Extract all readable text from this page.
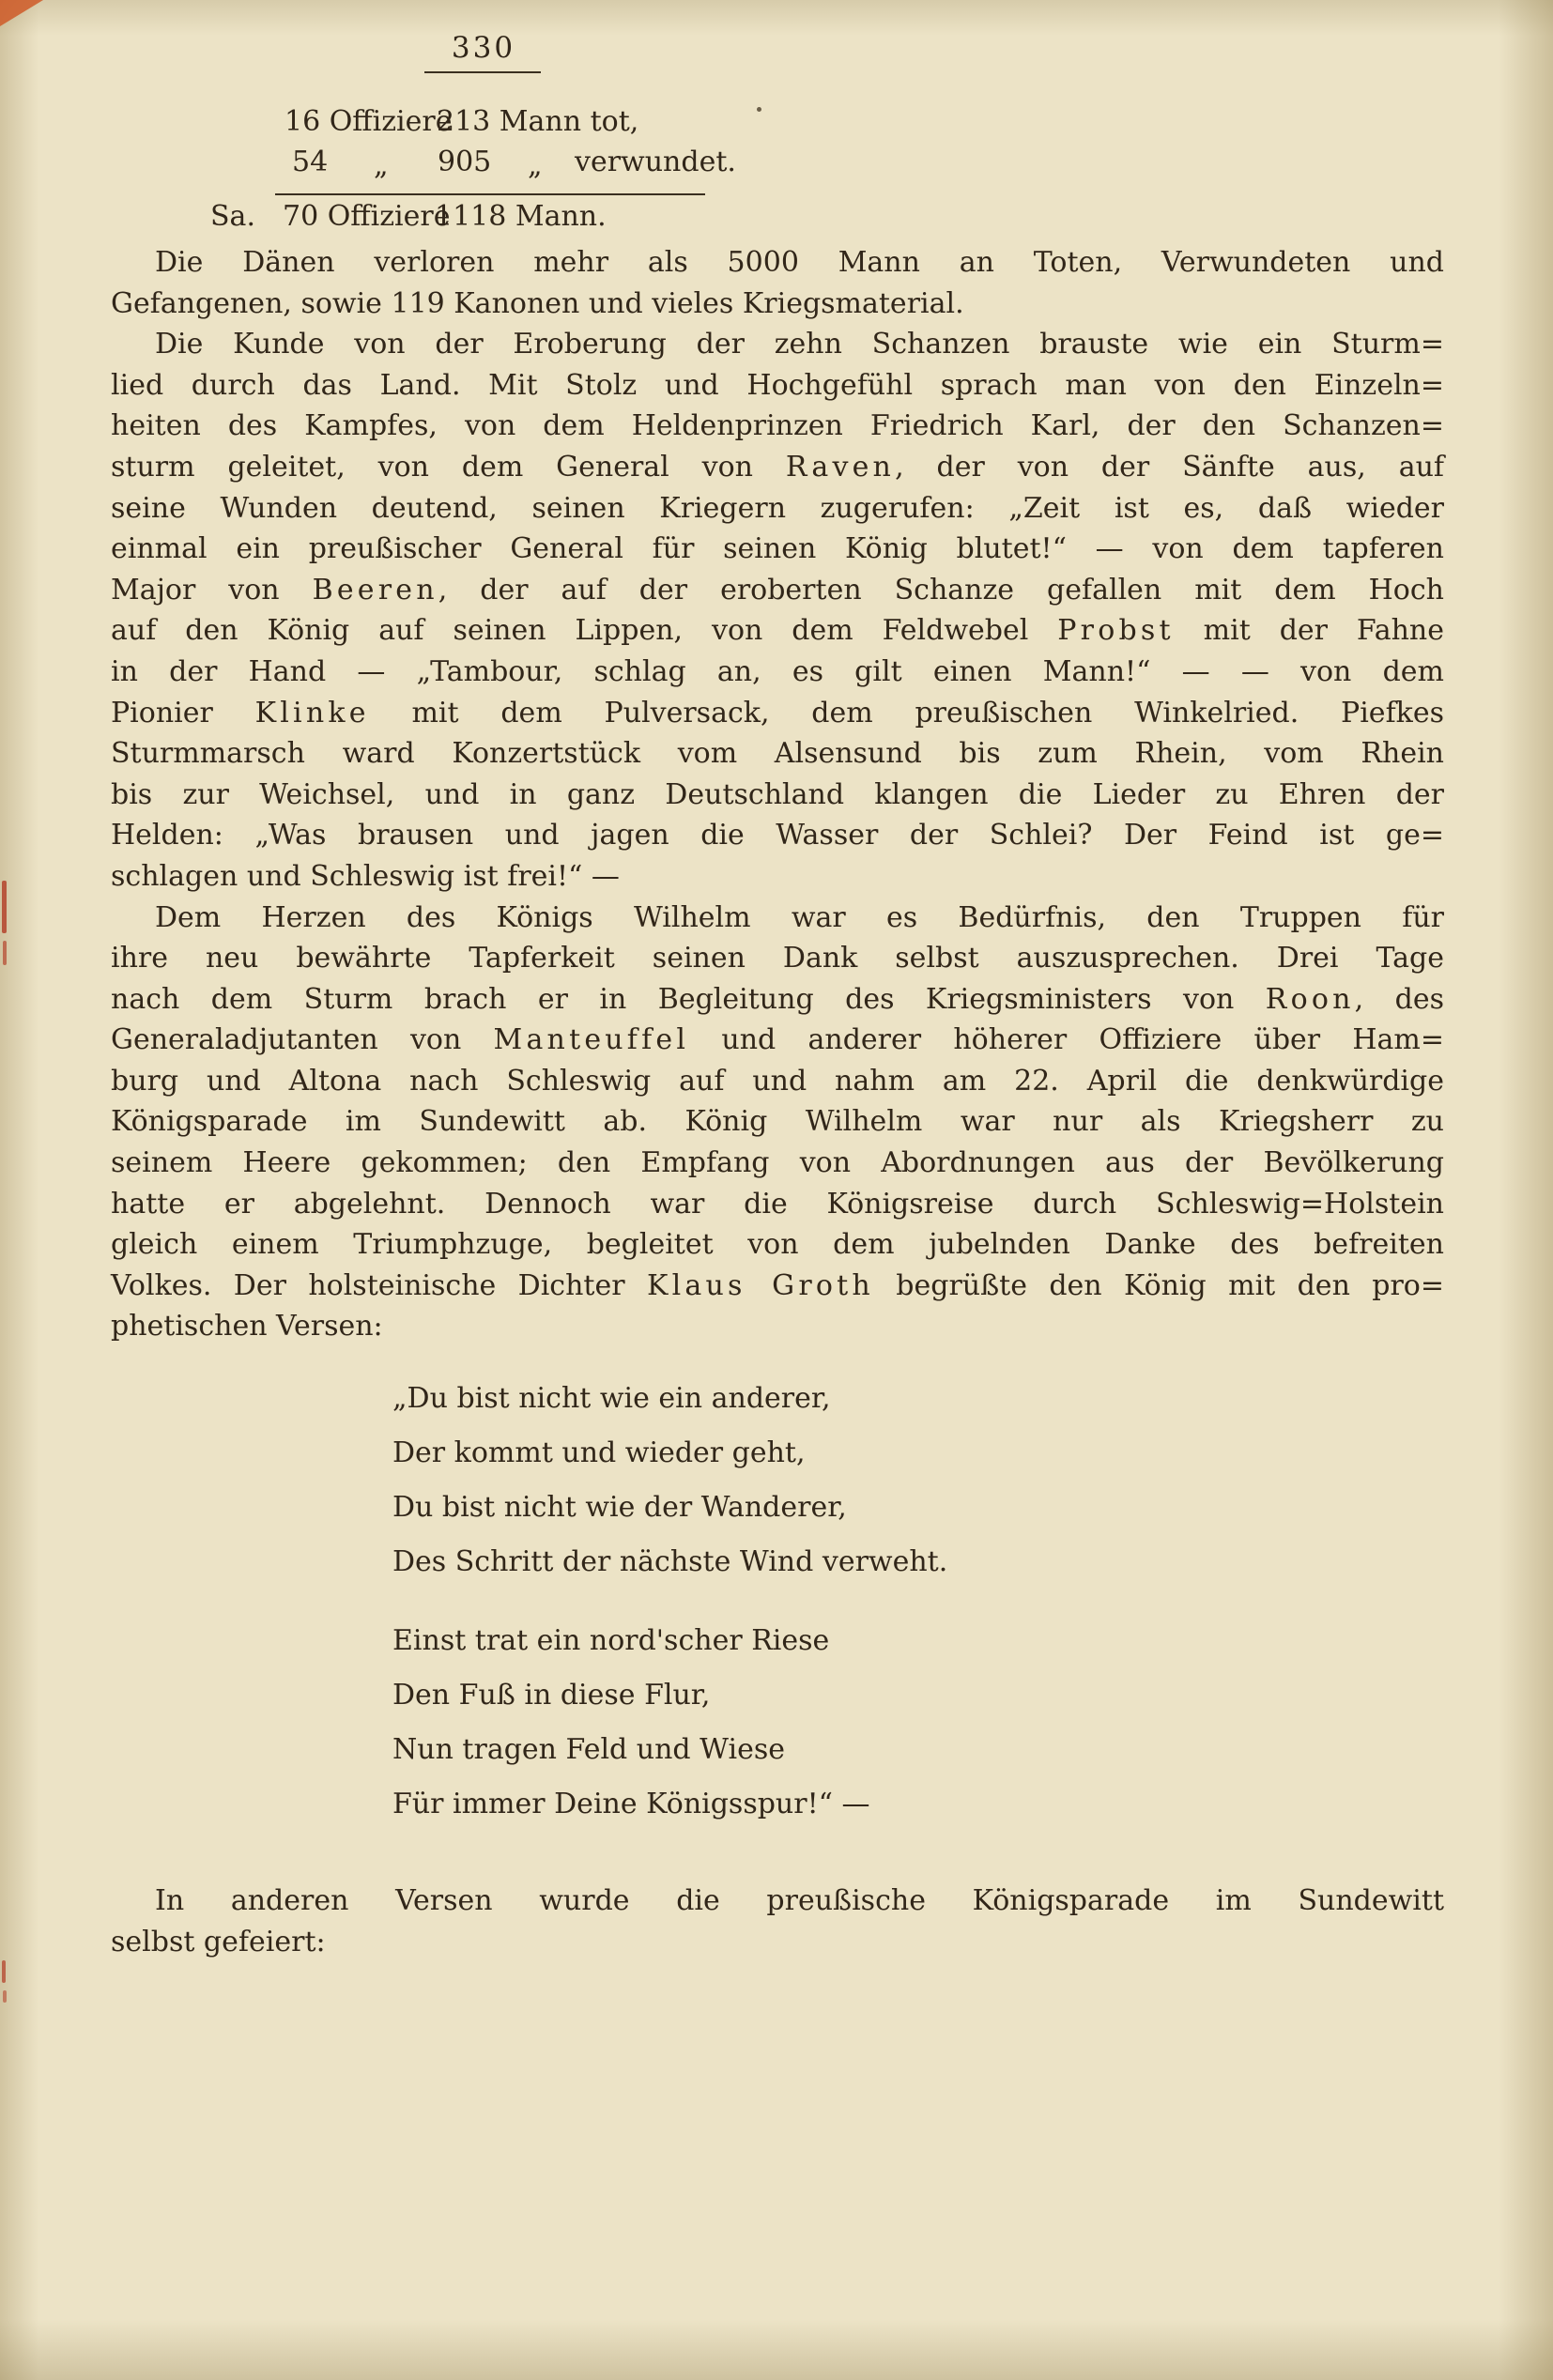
330
16 Offiziere
213 Mann tot,
54 „ 905 „ verwundet.
Sa. 70 Offiziere
1118 Mann.
Die Dänen verloren mehr als 5000 Mann an Toten, Verwundeten und
Gefangenen, sowie 119 Kanonen und vieles Kriegsmaterial.
Die Kunde von der Eroberung der zehn Schanzen brauste wie ein Sturm=
lied durch das Land. Mit Stolz und Hochgefühl sprach man von den Einzeln=
heiten des Kampfes, von dem Heldenprinzen Friedrich Karl, der den Schanzen=
sturm geleitet, von dem General von Raven, der von der Sänfte aus, auf
seine Wunden deutend, seinen Kriegern zugerufen: „Zeit ist es, daß wieder
einmal ein preußischer General für seinen König blutet!“ — von dem tapferen
Major von Beeren, der auf der eroberten Schanze gefallen mit dem Hoch
auf den König auf seinen Lippen, von dem Feldwebel Probst mit der Fahne
in der Hand — „Tambour, schlag an, es gilt einen Mann!“ — — von dem
Pionier Klinke mit dem Pulversack, dem preußischen Winkelried. Piefkes
Sturmmarsch ward Konzertstück vom Alsensund bis zum Rhein, vom Rhein
bis zur Weichsel, und in ganz Deutschland klangen die Lieder zu Ehren der
Helden: „Was brausen und jagen die Wasser der Schlei? Der Feind ist ge=
schlagen und Schleswig ist frei!“ —
Dem Herzen des Königs Wilhelm war es Bedürfnis, den Truppen für
ihre neu bewährte Tapferkeit seinen Dank selbst auszusprechen. Drei Tage
nach dem Sturm brach er in Begleitung des Kriegsministers von Roon, des
Generaladjutanten von Manteuffel und anderer höherer Offiziere über Ham=
burg und Altona nach Schleswig auf und nahm am 22. April die denkwürdige
Königsparade im Sundewitt ab. König Wilhelm war nur als Kriegsherr zu
seinem Heere gekommen; den Empfang von Abordnungen aus der Bevölkerung
hatte er abgelehnt. Dennoch war die Königsreise durch Schleswig=Holstein
gleich einem Triumphzuge, begleitet von dem jubelnden Danke des befreiten
Volkes. Der holsteinische Dichter Klaus Groth begrüßte den König mit den pro=
phetischen Versen:
„Du bist nicht wie ein anderer,
Der kommt und wieder geht,
Du bist nicht wie der Wanderer,
Des Schritt der nächste Wind verweht.
Einst trat ein nord'scher Riese
Den Fuß in diese Flur,
Nun tragen Feld und Wiese
Für immer Deine Königsspur!“ —
In anderen Versen wurde die preußische Königsparade im Sundewitt
selbst gefeiert:
